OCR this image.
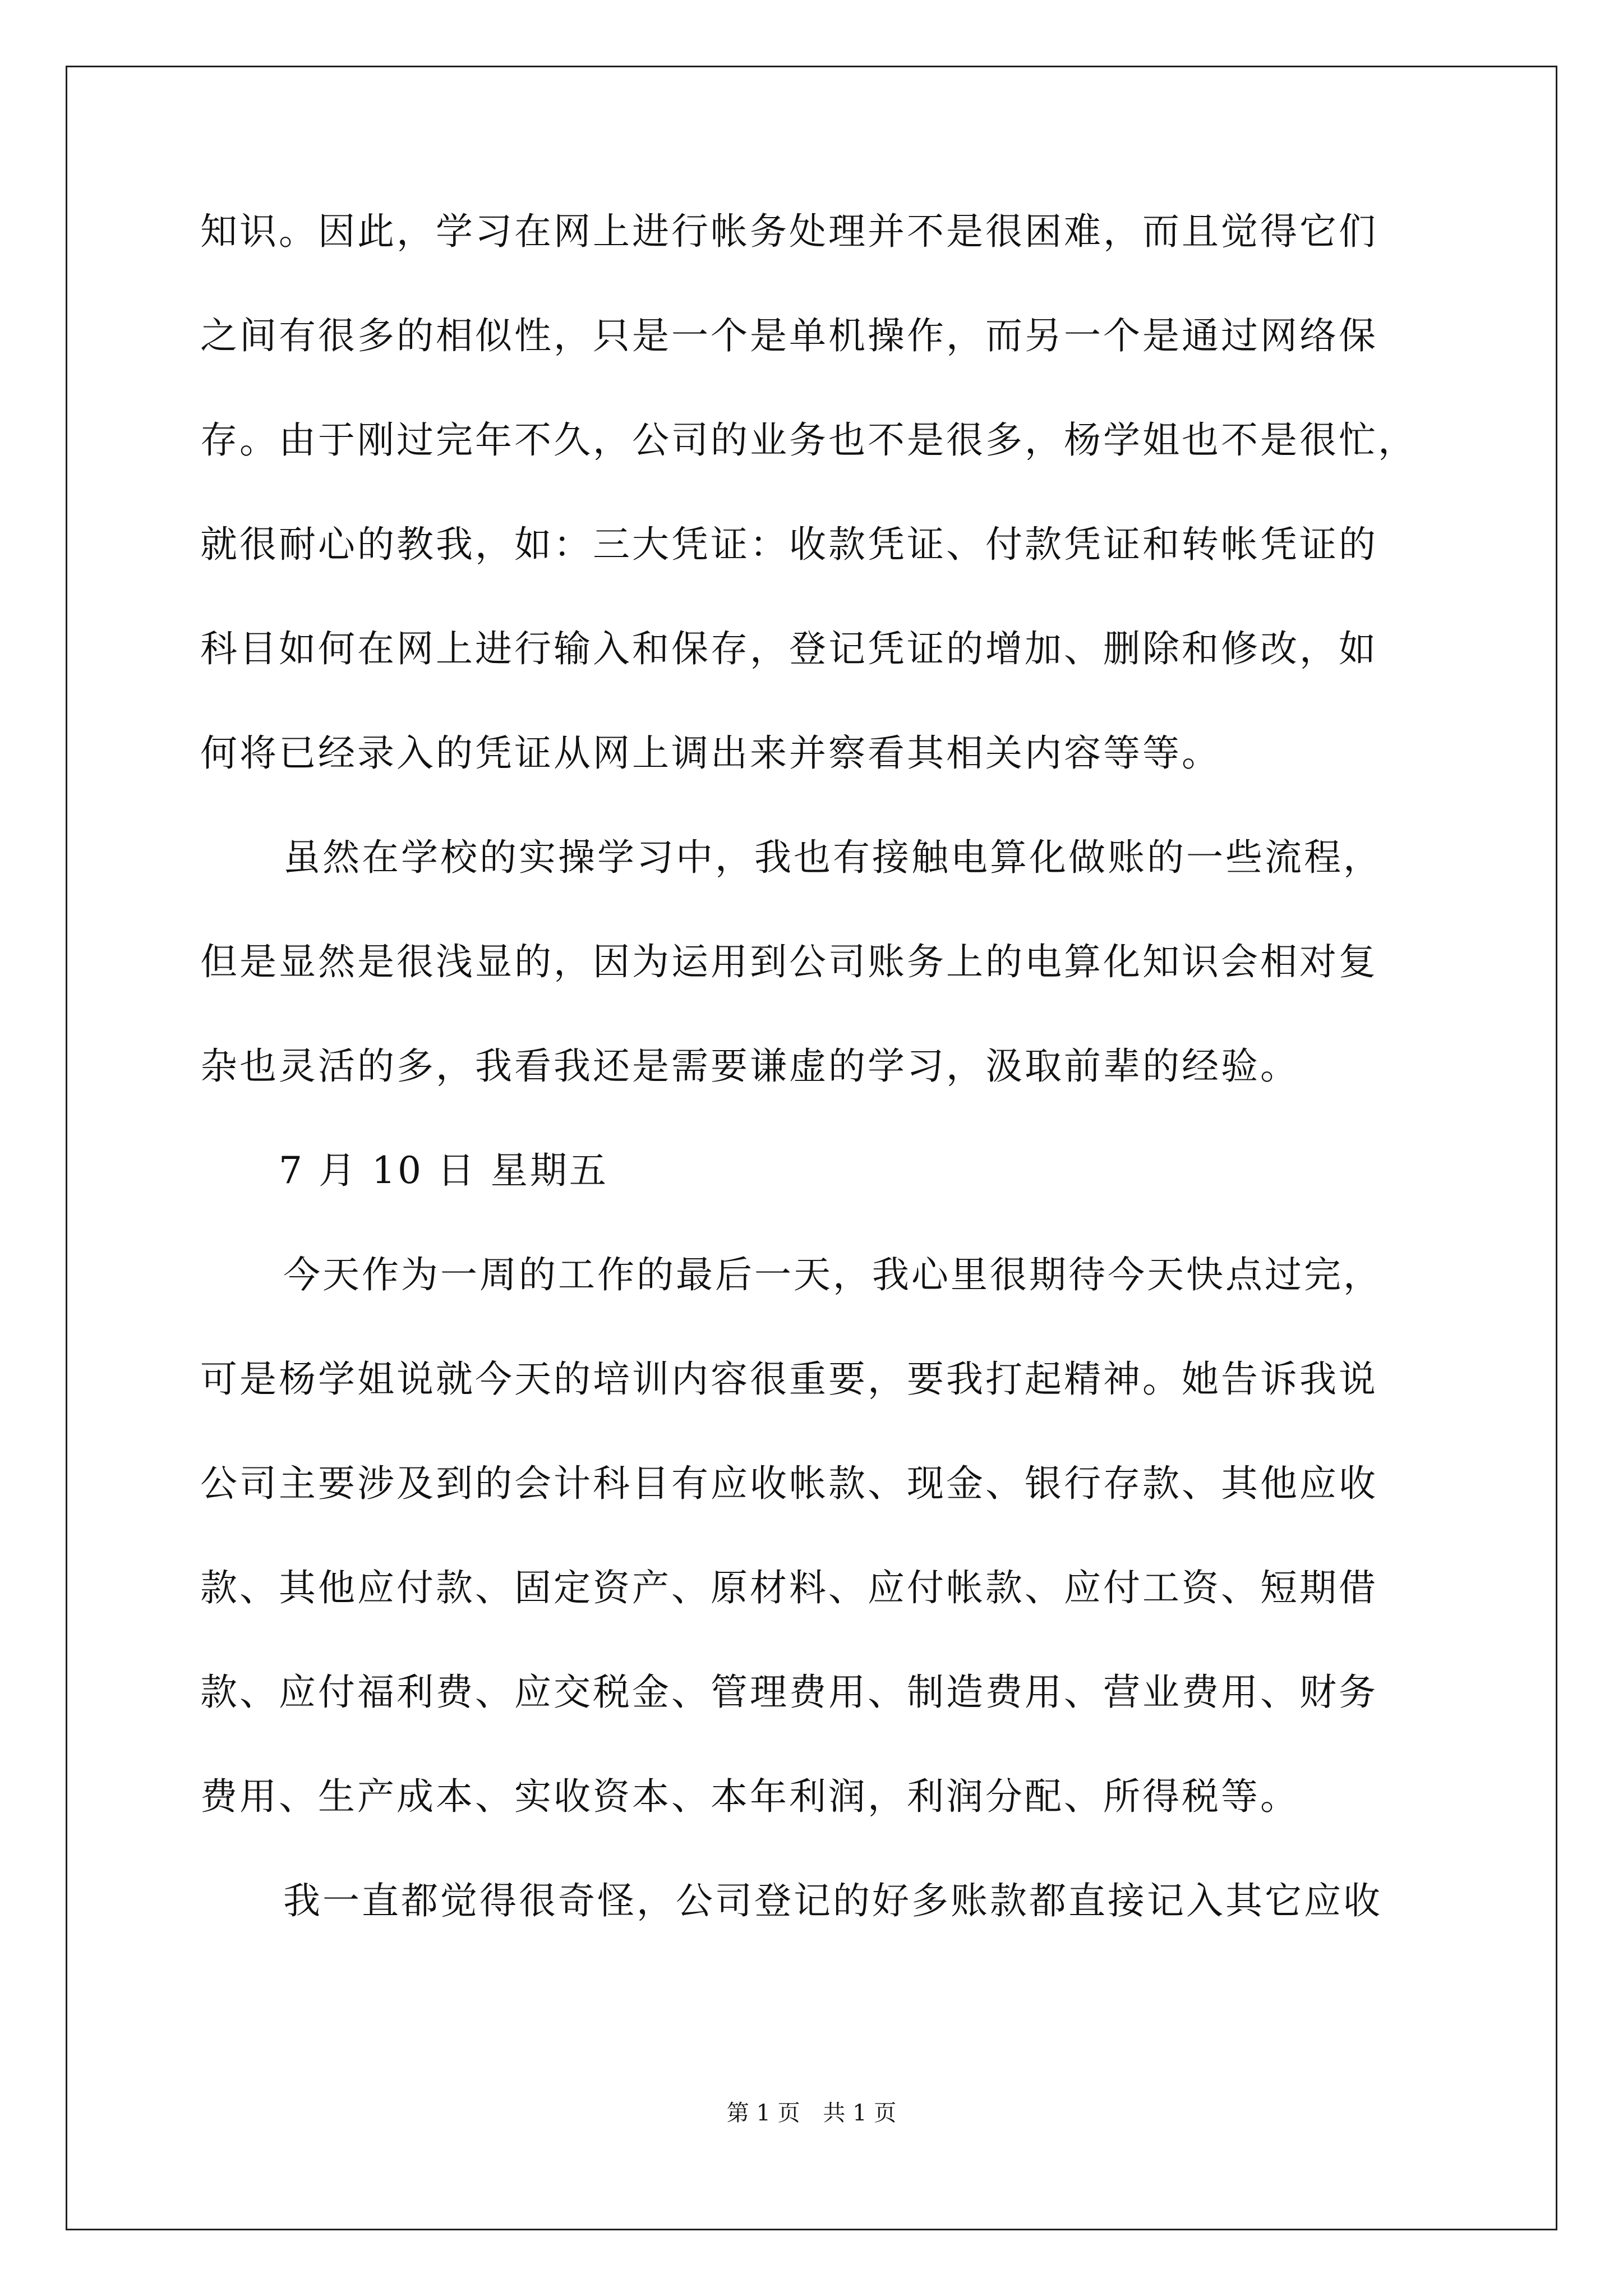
知识。因此，学习在网上进行帐务处理并不是很困难，而且觉得它们

之间有很多的相似性，只是一个是单机操作，而另一个是通过网络保

存。由于刚过完年不久，公司的业务也不是很多，杨学姐也不是很忙，

就很耐心的教我，如：三大凭证：收款凭证、付款凭证和转帐凭证的

科目如何在网上进行输入和保存，登记凭证的增加、删除和修改，如

何将已经录入的凭证从网上调出来并察看其相关内容等等。

虽然在学校的实操学习中，我也有接触电算化做账的一些流程，

但是显然是很浅显的，因为运用到公司账务上的电算化知识会相对复

杂也灵活的多，我看我还是需要谦虚的学习，汲取前辈的经验。

7 月 10 日 星期五

今天作为一周的工作的最后一天，我心里很期待今天快点过完，

可是杨学姐说就今天的培训内容很重要，要我打起精神。她告诉我说

公司主要涉及到的会计科目有应收帐款、现金、银行存款、其他应收

款、其他应付款、固定资产、原材料、应付帐款、应付工资、短期借

款、应付福利费、应交税金、管理费用、制造费用、营业费用、财务

费用、生产成本、实收资本、本年利润，利润分配、所得税等。

我一直都觉得很奇怪，公司登记的好多账款都直接记入其它应收

第 1 页 共 1 页
